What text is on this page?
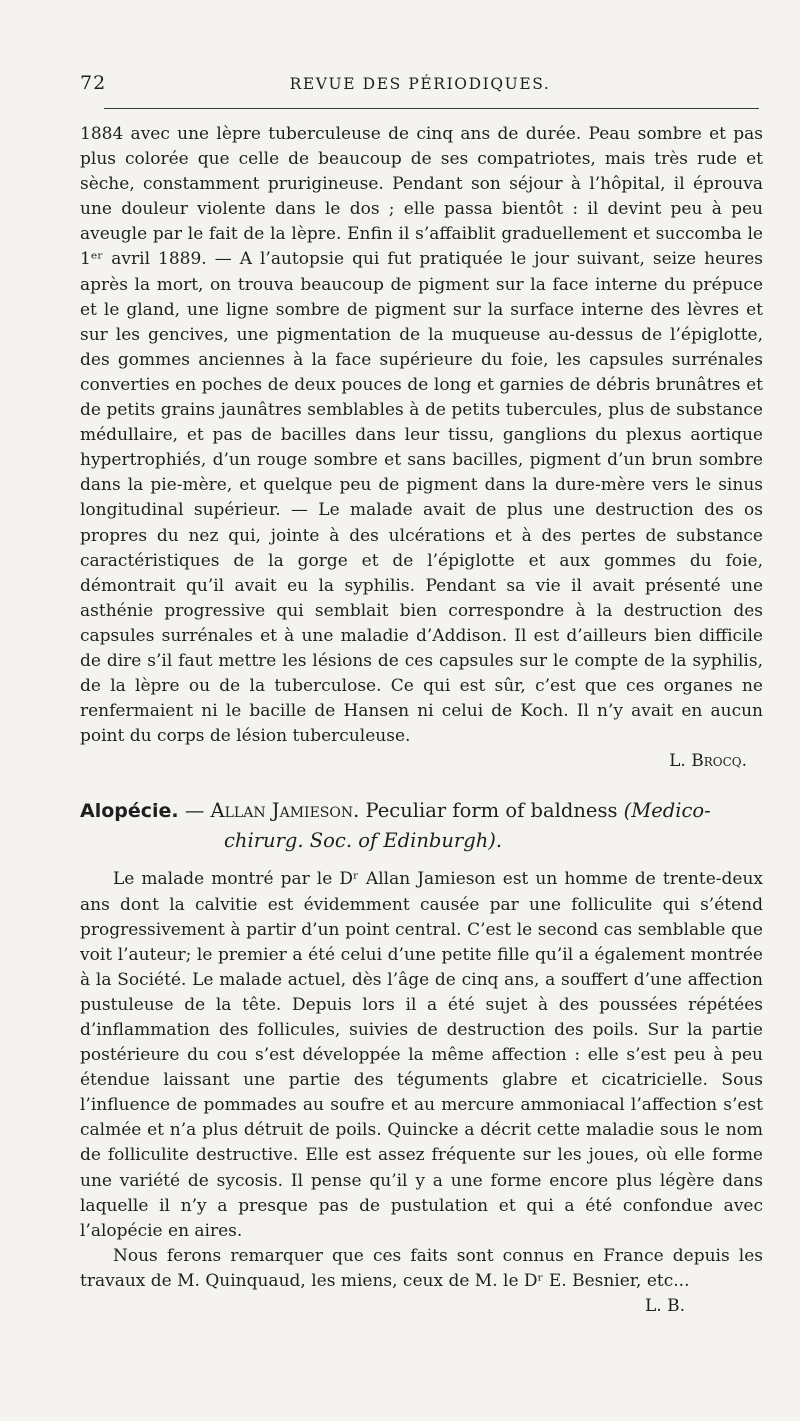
72	REVUE DES PÉRIODIQUES.

1884 avec une lèpre tuberculeuse de cinq ans de durée. Peau sombre et pas plus colorée que celle de beaucoup de ses compatriotes, mais très rude et sèche, constamment prurigineuse. Pendant son séjour à l’hôpital, il éprouva une douleur violente dans le dos ; elle passa bientôt : il devint peu à peu aveugle par le fait de la lèpre. Enfin il s’affaiblit graduellement et succomba le 1ᵉʳ avril 1889. — A l’autopsie qui fut pratiquée le jour suivant, seize heures après la mort, on trouva beaucoup de pigment sur la face interne du prépuce et le gland, une ligne sombre de pigment sur la surface interne des lèvres et sur les gencives, une pigmentation de la muqueuse au-dessus de l’épiglotte, des gommes anciennes à la face supérieure du foie, les capsules surrénales converties en poches de deux pouces de long et garnies de débris brunâtres et de petits grains jaunâtres semblables à de petits tubercules, plus de substance médullaire, et pas de bacilles dans leur tissu, ganglions du plexus aortique hypertrophiés, d’un rouge sombre et sans bacilles, pigment d’un brun sombre dans la pie-mère, et quelque peu de pigment dans la dure-mère vers le sinus longitudinal supérieur. — Le malade avait de plus une destruction des os propres du nez qui, jointe à des ulcérations et à des pertes de substance caractéristiques de la gorge et de l’épiglotte et aux gommes du foie, démontrait qu’il avait eu la syphilis. Pendant sa vie il avait présenté une asthénie progressive qui semblait bien correspondre à la destruction des capsules surrénales et à une maladie d’Addison. Il est d’ailleurs bien difficile de dire s’il faut mettre les lésions de ces capsules sur le compte de la syphilis, de la lèpre ou de la tuberculose. Ce qui est sûr, c’est que ces organes ne renfermaient ni le bacille de Hansen ni celui de Koch. Il n’y avait en aucun point du corps de lésion tuberculeuse.

L. Brocq.

Alopécie. — Allan Jamieson. Peculiar form of baldness (Medico-
chirurg. Soc. of Edinburgh).

Le malade montré par le Dʳ Allan Jamieson est un homme de trente-deux ans dont la calvitie est évidemment causée par une folliculite qui s’étend progressivement à partir d’un point central. C’est le second cas semblable que voit l’auteur; le premier a été celui d’une petite fille qu’il a également montrée à la Société. Le malade actuel, dès l’âge de cinq ans, a souffert d’une affection pustuleuse de la tête. Depuis lors il a été sujet à des poussées répétées d’inflammation des follicules, suivies de destruction des poils. Sur la partie postérieure du cou s’est développée la même affection : elle s’est peu à peu étendue laissant une partie des téguments glabre et cicatricielle. Sous l’influence de pommades au soufre et au mercure ammoniacal l’affection s’est calmée et n’a plus détruit de poils. Quincke a décrit cette maladie sous le nom de folliculite destructive. Elle est assez fréquente sur les joues, où elle forme une variété de sycosis. Il pense qu’il y a une forme encore plus légère dans laquelle il n’y a presque pas de pustulation et qui a été confondue avec l’alopécie en aires.

Nous ferons remarquer que ces faits sont connus en France depuis les travaux de M. Quinquaud, les miens, ceux de M. le Dʳ E. Besnier, etc...

L. B.
